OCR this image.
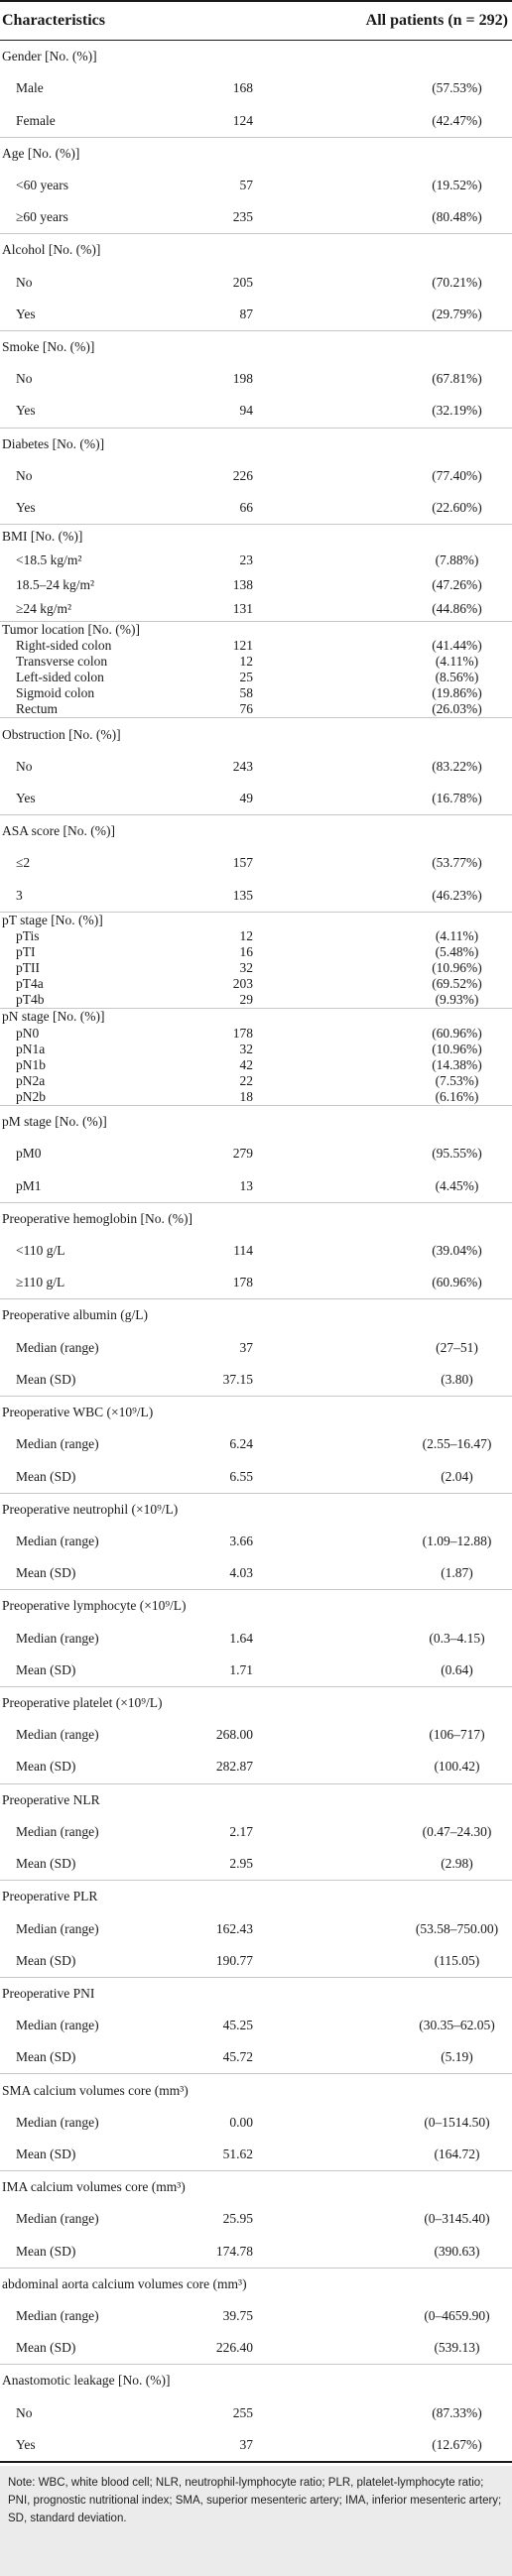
Characteristics	All patients (n = 292)
Gender [No. (%)]
Male	168	(57.53%)
Female	124	(42.47%)
Age [No. (%)]
<60 years	57	(19.52%)
≥60 years	235	(80.48%)
Alcohol [No. (%)]
No	205	(70.21%)
Yes	87	(29.79%)
Smoke [No. (%)]
No	198	(67.81%)
Yes	94	(32.19%)
Diabetes [No. (%)]
No	226	(77.40%)
Yes	66	(22.60%)
BMI [No. (%)]
<18.5 kg/m²	23	(7.88%)
18.5–24 kg/m²	138	(47.26%)
≥24 kg/m²	131	(44.86%)
Tumor location [No. (%)]
Right-sided colon	121	(41.44%)
Transverse colon	12	(4.11%)
Left-sided colon	25	(8.56%)
Sigmoid colon	58	(19.86%)
Rectum	76	(26.03%)
Obstruction [No. (%)]
No	243	(83.22%)
Yes	49	(16.78%)
ASA score [No. (%)]
≤2	157	(53.77%)
3	135	(46.23%)
pT stage [No. (%)]
pTis	12	(4.11%)
pTI	16	(5.48%)
pTII	32	(10.96%)
pT4a	203	(69.52%)
pT4b	29	(9.93%)
pN stage [No. (%)]
pN0	178	(60.96%)
pN1a	32	(10.96%)
pN1b	42	(14.38%)
pN2a	22	(7.53%)
pN2b	18	(6.16%)
pM stage [No. (%)]
pM0	279	(95.55%)
pM1	13	(4.45%)
Preoperative hemoglobin [No. (%)]
<110 g/L	114	(39.04%)
≥110 g/L	178	(60.96%)
Preoperative albumin (g/L)
Median (range)	37	(27–51)
Mean (SD)	37.15	(3.80)
Preoperative WBC (×10⁹/L)
Median (range)	6.24	(2.55–16.47)
Mean (SD)	6.55	(2.04)
Preoperative neutrophil (×10⁹/L)
Median (range)	3.66	(1.09–12.88)
Mean (SD)	4.03	(1.87)
Preoperative lymphocyte (×10⁹/L)
Median (range)	1.64	(0.3–4.15)
Mean (SD)	1.71	(0.64)
Preoperative platelet (×10⁹/L)
Median (range)	268.00	(106–717)
Mean (SD)	282.87	(100.42)
Preoperative NLR
Median (range)	2.17	(0.47–24.30)
Mean (SD)	2.95	(2.98)
Preoperative PLR
Median (range)	162.43	(53.58–750.00)
Mean (SD)	190.77	(115.05)
Preoperative PNI
Median (range)	45.25	(30.35–62.05)
Mean (SD)	45.72	(5.19)
SMA calcium volumes core (mm³)
Median (range)	0.00	(0–1514.50)
Mean (SD)	51.62	(164.72)
IMA calcium volumes core (mm³)
Median (range)	25.95	(0–3145.40)
Mean (SD)	174.78	(390.63)
abdominal aorta calcium volumes core (mm³)
Median (range)	39.75	(0–4659.90)
Mean (SD)	226.40	(539.13)
Anastomotic leakage [No. (%)]
No	255	(87.33%)
Yes	37	(12.67%)
Note: WBC, white blood cell; NLR, neutrophil-lymphocyte ratio; PLR, platelet-lymphocyte ratio; PNI, prognostic nutritional index; SMA, superior mesenteric artery; IMA, inferior mesenteric artery; SD, standard deviation.
